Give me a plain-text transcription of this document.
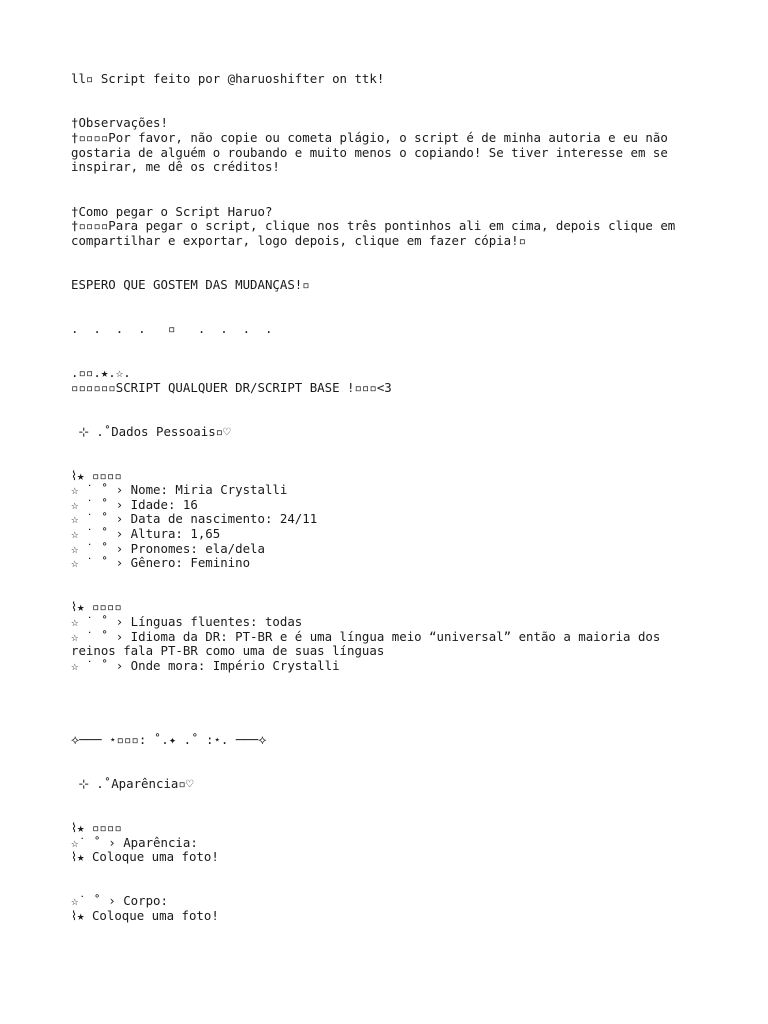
ll▫ Script feito por @haruoshifter on ttk!

†Observações!

†▫▫▫▫Por favor, não copie ou cometa plágio, o script é de minha autoria e eu não

gostaria de alguém o roubando e muito menos o copiando! Se tiver interesse em se

inspirar, me dê os créditos!

†Como pegar o Script Haruo?

†▫▫▫▫Para pegar o script, clique nos três pontinhos ali em cima, depois clique em

compartilhar e exportar, logo depois, clique em fazer cópia!▫

ESPERO QUE GOSTEM DAS MUDANÇAS!▫

.  .  .  .   ▫   .  .  .  .

.▫▫.★.☆.

▫▫▫▫▫▫SCRIPT QUALQUER DR/SCRIPT BASE !▫▫▫<3

⊹ .˚Dados Pessoais▫♡

⌇★ ▫▫▫▫

☆ ˙ ˚ › Nome: Miria Crystalli

☆ ˙ ˚ › Idade: 16

☆ ˙ ˚ › Data de nascimento: 24/11

☆ ˙ ˚ › Altura: 1,65

☆ ˙ ˚ › Pronomes: ela/dela

☆ ˙ ˚ › Gênero: Feminino

⌇★ ▫▫▫▫

☆ ˙ ˚ › Línguas fluentes: todas

☆ ˙ ˚ › Idioma da DR: PT-BR e é uma língua meio “universal” então a maioria dos

reinos fala PT-BR como uma de suas línguas

☆ ˙ ˚ › Onde mora: Império Crystalli

⟡─── ⋆▫▫▫: ˚.✦ .˚ :⋆. ───⟡

⊹ .˚Aparência▫♡

⌇★ ▫▫▫▫

☆˙ ˚ › Aparência:

⌇★ Coloque uma foto!

☆˙ ˚ › Corpo:

⌇★ Coloque uma foto!
